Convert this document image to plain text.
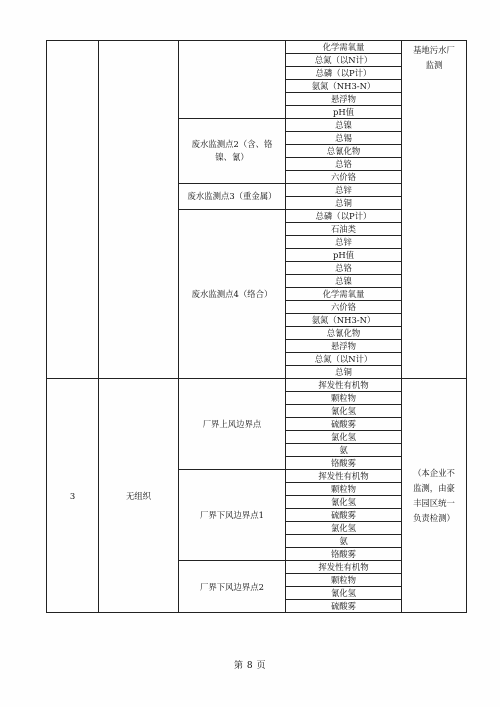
			化学需氧量	基地污水厂监测
			总氮（以N计）	
			总磷（以P计）	
			氨氮（NH3-N）	
			悬浮物	
			pH值	
		废水监测点2（含、铬镍、氰）	总镍	
			总锡	
			总氰化物	
			总铬	
			六价铬	
		废水监测点3（重金属）	总锌	
			总铜	
		废水监测点4（络合）	总磷（以P计）	
			石油类	
			总锌	
			pH值	
			总铬	
			总镍	
			化学需氧量	
			六价铬	
			氨氮（NH3-N）	
			总氰化物	
			悬浮物	
			总氮（以N计）	
			总铜	
3	无组织	厂界上风边界点	挥发性有机物	（本企业不监测，由豪丰园区统一负责检测）
			颗粒物	
			氰化氢	
			硫酸雾	
			氯化氢	
			氨	
			铬酸雾	
		厂界下风边界点1	挥发性有机物	
			颗粒物	
			氰化氢	
			硫酸雾	
			氯化氢	
			氨	
			铬酸雾	
		厂界下风边界点2	挥发性有机物	
			颗粒物	
			氰化氢	
			硫酸雾	
第 8 页
